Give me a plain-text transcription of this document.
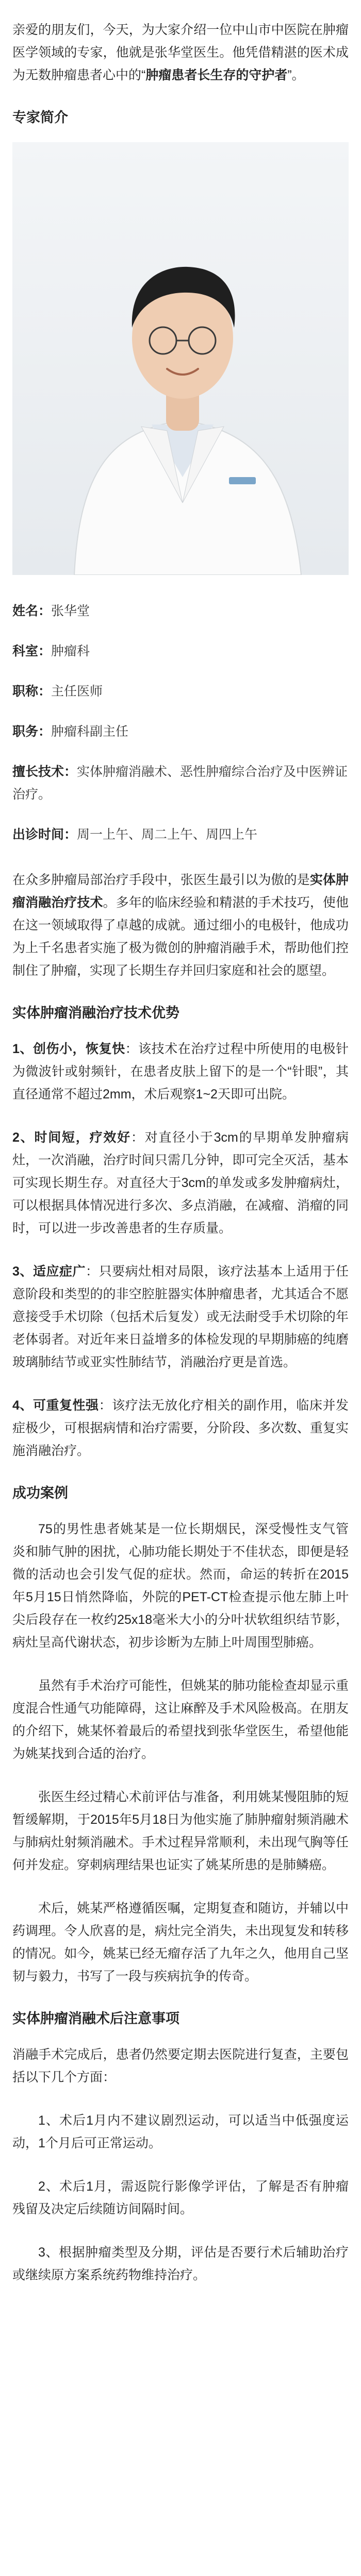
亲爱的朋友们，今天，为大家介绍一位中山市中医院在肿瘤医学领域的专家，他就是张华堂医生。他凭借精湛的医术成为无数肿瘤患者心中的“肿瘤患者长生存的守护者”。

专家简介
姓名：张华堂
科室：肿瘤科
职称：主任医师
职务：肿瘤科副主任
擅长技术：实体肿瘤消融术、恶性肿瘤综合治疗及中医辨证治疗。
出诊时间：周一上午、周二上午、周四上午

在众多肿瘤局部治疗手段中，张医生最引以为傲的是实体肿瘤消融治疗技术。多年的临床经验和精湛的手术技巧，使他在这一领域取得了卓越的成就。通过细小的电极针，他成功为上千名患者实施了极为微创的肿瘤消融手术，帮助他们控制住了肿瘤，实现了长期生存并回归家庭和社会的愿望。

实体肿瘤消融治疗技术优势

1、创伤小，恢复快：该技术在治疗过程中所使用的电极针为微波针或射频针，在患者皮肤上留下的是一个“针眼”，其直径通常不超过2mm，术后观察1~2天即可出院。

2、时间短，疗效好：对直径小于3cm的早期单发肿瘤病灶，一次消融，治疗时间只需几分钟，即可完全灭活，基本可实现长期生存。对直径大于3cm的单发或多发肿瘤病灶，可以根据具体情况进行多次、多点消融，在减瘤、消瘤的同时，可以进一步改善患者的生存质量。

3、适应症广：只要病灶相对局限，该疗法基本上适用于任意阶段和类型的的非空腔脏器实体肿瘤患者，尤其适合不愿意接受手术切除（包括术后复发）或无法耐受手术切除的年老体弱者。对近年来日益增多的体检发现的早期肺癌的纯磨玻璃肺结节或亚实性肺结节，消融治疗更是首选。

4、可重复性强：该疗法无放化疗相关的副作用，临床并发症极少，可根据病情和治疗需要，分阶段、多次数、重复实施消融治疗。

成功案例

75的男性患者姚某是一位长期烟民，深受慢性支气管炎和肺气肿的困扰，心肺功能长期处于不佳状态，即便是轻微的活动也会引发气促的症状。然而，命运的转折在2015年5月15日悄然降临，外院的PET-CT检查提示他左肺上叶尖后段存在一枚约25x18毫米大小的分叶状软组织结节影，病灶呈高代谢状态，初步诊断为左肺上叶周围型肺癌。

虽然有手术治疗可能性，但姚某的肺功能检查却显示重度混合性通气功能障碍，这让麻醉及手术风险极高。在朋友的介绍下，姚某怀着最后的希望找到张华堂医生，希望他能为姚某找到合适的治疗。

张医生经过精心术前评估与准备，利用姚某慢阻肺的短暂缓解期，于2015年5月18日为他实施了肺肿瘤射频消融术与肺病灶射频消融术。手术过程异常顺利，未出现气胸等任何并发症。穿刺病理结果也证实了姚某所患的是肺鳞癌。

术后，姚某严格遵循医嘱，定期复查和随访，并辅以中药调理。令人欣喜的是，病灶完全消失，未出现复发和转移的情况。如今，姚某已经无瘤存活了九年之久，他用自己坚韧与毅力，书写了一段与疾病抗争的传奇。

实体肿瘤消融术后注意事项

消融手术完成后，患者仍然要定期去医院进行复查，主要包括以下几个方面：

1、术后1月内不建议剧烈运动，可以适当中低强度运动，1个月后可正常运动。

2、术后1月，需返院行影像学评估，了解是否有肿瘤残留及决定后续随访间隔时间。

3、根据肿瘤类型及分期，评估是否要行术后辅助治疗或继续原方案系统药物维持治疗。
